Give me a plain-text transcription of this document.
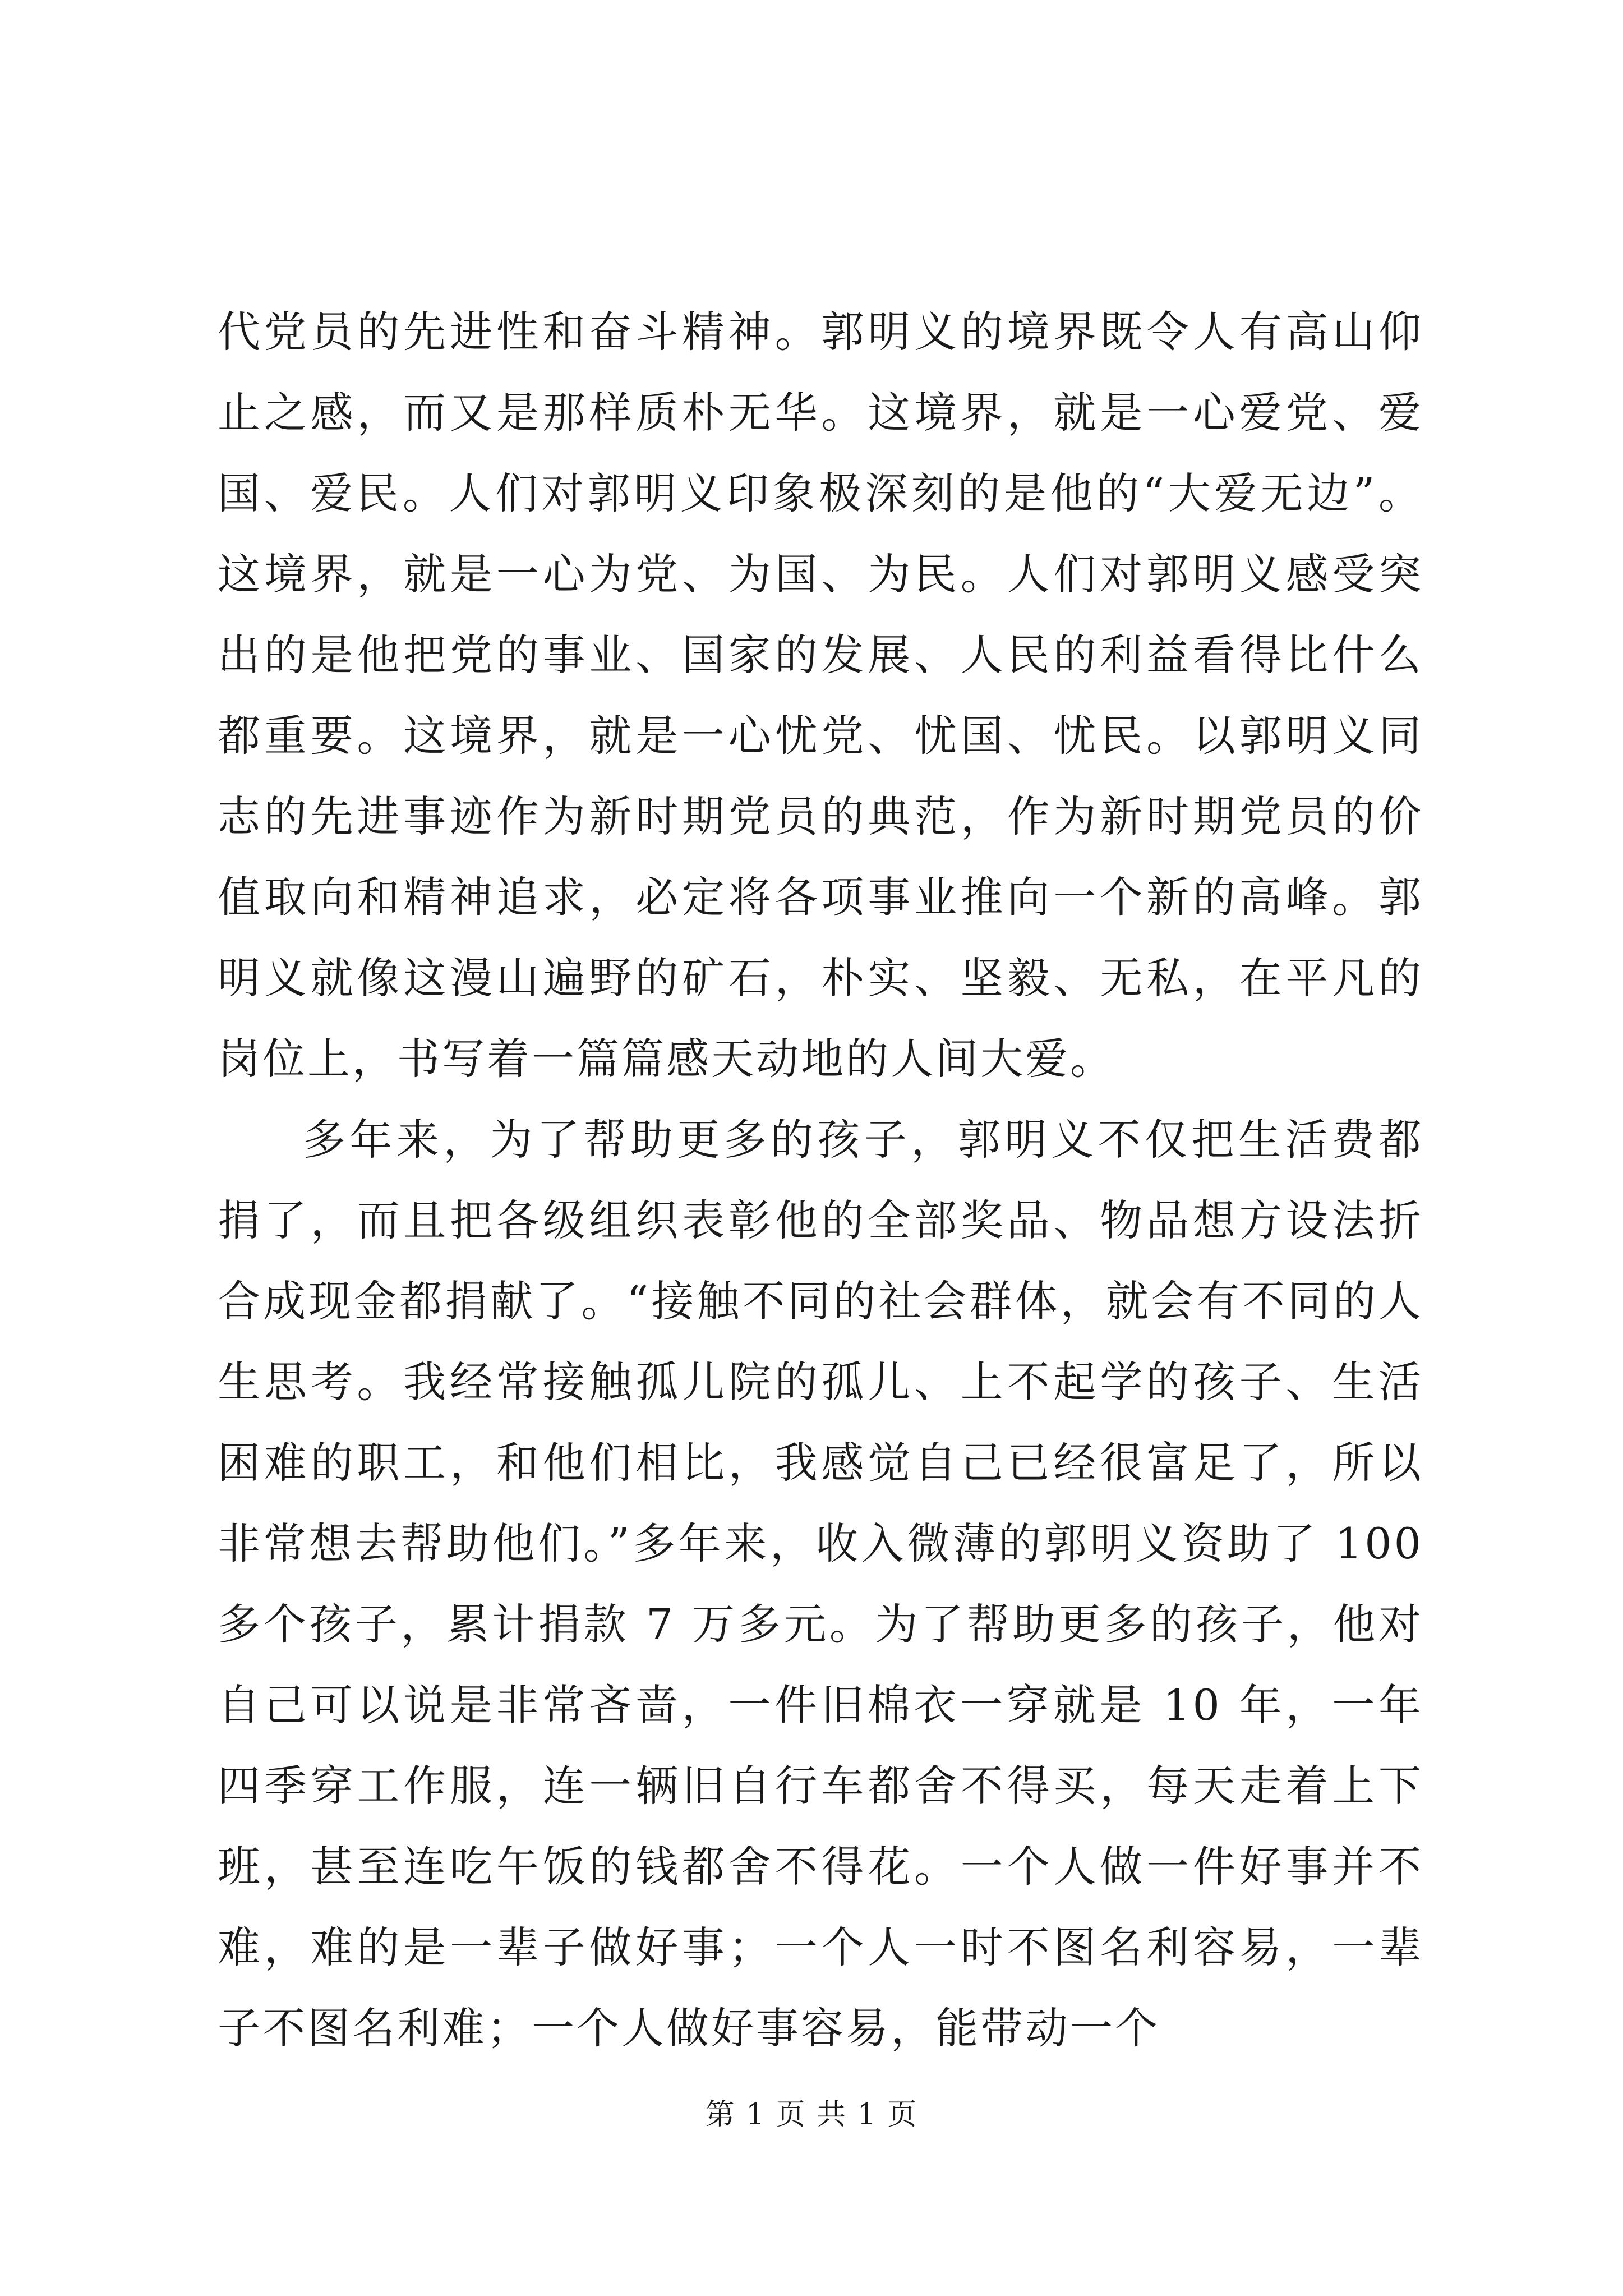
代党员的先进性和奋斗精神。郭明义的境界既令人有高山仰止之感，而又是那样质朴无华。这境界，就是一心爱党、爱国、爱民。人们对郭明义印象极深刻的是他的“大爱无边”。这境界，就是一心为党、为国、为民。人们对郭明义感受突出的是他把党的事业、国家的发展、人民的利益看得比什么都重要。这境界，就是一心忧党、忧国、忧民。以郭明义同志的先进事迹作为新时期党员的典范，作为新时期党员的价值取向和精神追求，必定将各项事业推向一个新的高峰。郭明义就像这漫山遍野的矿石，朴实、坚毅、无私，在平凡的岗位上，书写着一篇篇感天动地的人间大爱。

多年来，为了帮助更多的孩子，郭明义不仅把生活费都捐了，而且把各级组织表彰他的全部奖品、物品想方设法折合成现金都捐献了。“接触不同的社会群体，就会有不同的人生思考。我经常接触孤儿院的孤儿、上不起学的孩子、生活困难的职工，和他们相比，我感觉自己已经很富足了，所以非常想去帮助他们。”多年来，收入微薄的郭明义资助了 100 多个孩子，累计捐款 7 万多元。为了帮助更多的孩子，他对自己可以说是非常吝啬，一件旧棉衣一穿就是 10 年，一年四季穿工作服，连一辆旧自行车都舍不得买，每天走着上下班，甚至连吃午饭的钱都舍不得花。一个人做一件好事并不难，难的是一辈子做好事；一个人一时不图名利容易，一辈子不图名利难；一个人做好事容易，能带动一个

第 1 页 共 1 页
